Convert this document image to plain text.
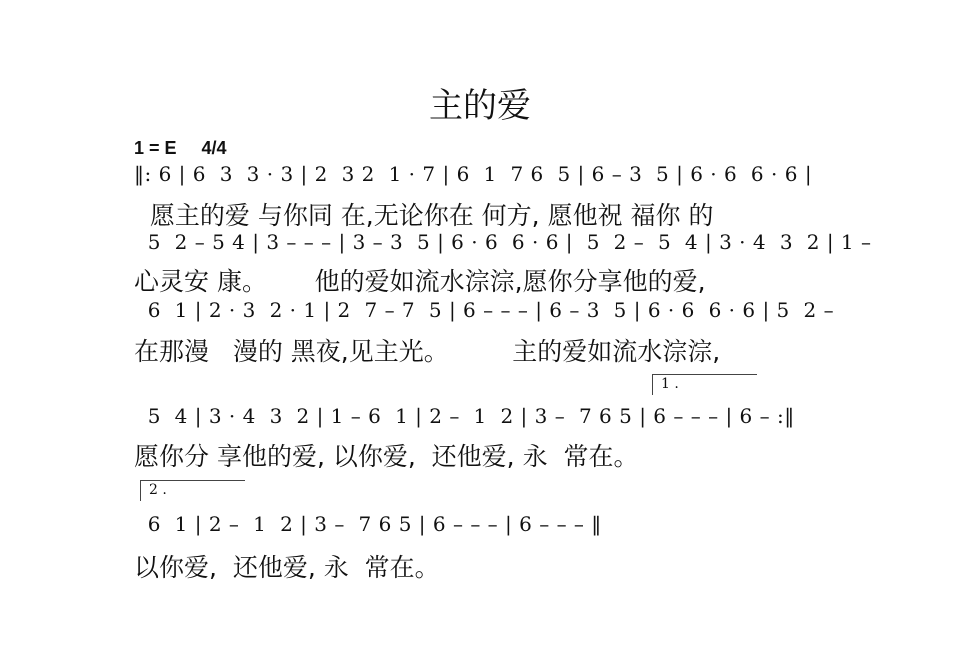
主的爱
1 = E     4/4
‖: 6 | 6  3  3 · 3 | 2  3 2  1 · 7 | 6  1  7 6  5 | 6 – 3  5 | 6 · 6  6 · 6 |
愿主的爱 与你同 在,无论你在 何方, 愿他祝 福你 的
5  2 – 5 4 | 3 – – – | 3 – 3  5 | 6 · 6  6 · 6 |  5  2 –  5  4 | 3 · 4  3  2 | 1 –
心灵安 康。      他的爱如流水淙淙,愿你分享他的爱,
6  1 | 2 · 3  2 · 1 | 2  7 – 7  5 | 6 – – – | 6 – 3  5 | 6 · 6  6 · 6 | 5  2 –
在那漫   漫的 黑夜,见主光。        主的爱如流水淙淙,
1 .
5  4 | 3 · 4  3  2 | 1 – 6  1 | 2 –  1  2 | 3 –  7 6 5 | 6 – – – | 6 – :‖
愿你分 享他的爱, 以你爱,  还他爱, 永  常在。
2 .
6  1 | 2 –  1  2 | 3 –  7 6 5 | 6 – – – | 6 – – – ‖
以你爱,  还他爱, 永  常在。
